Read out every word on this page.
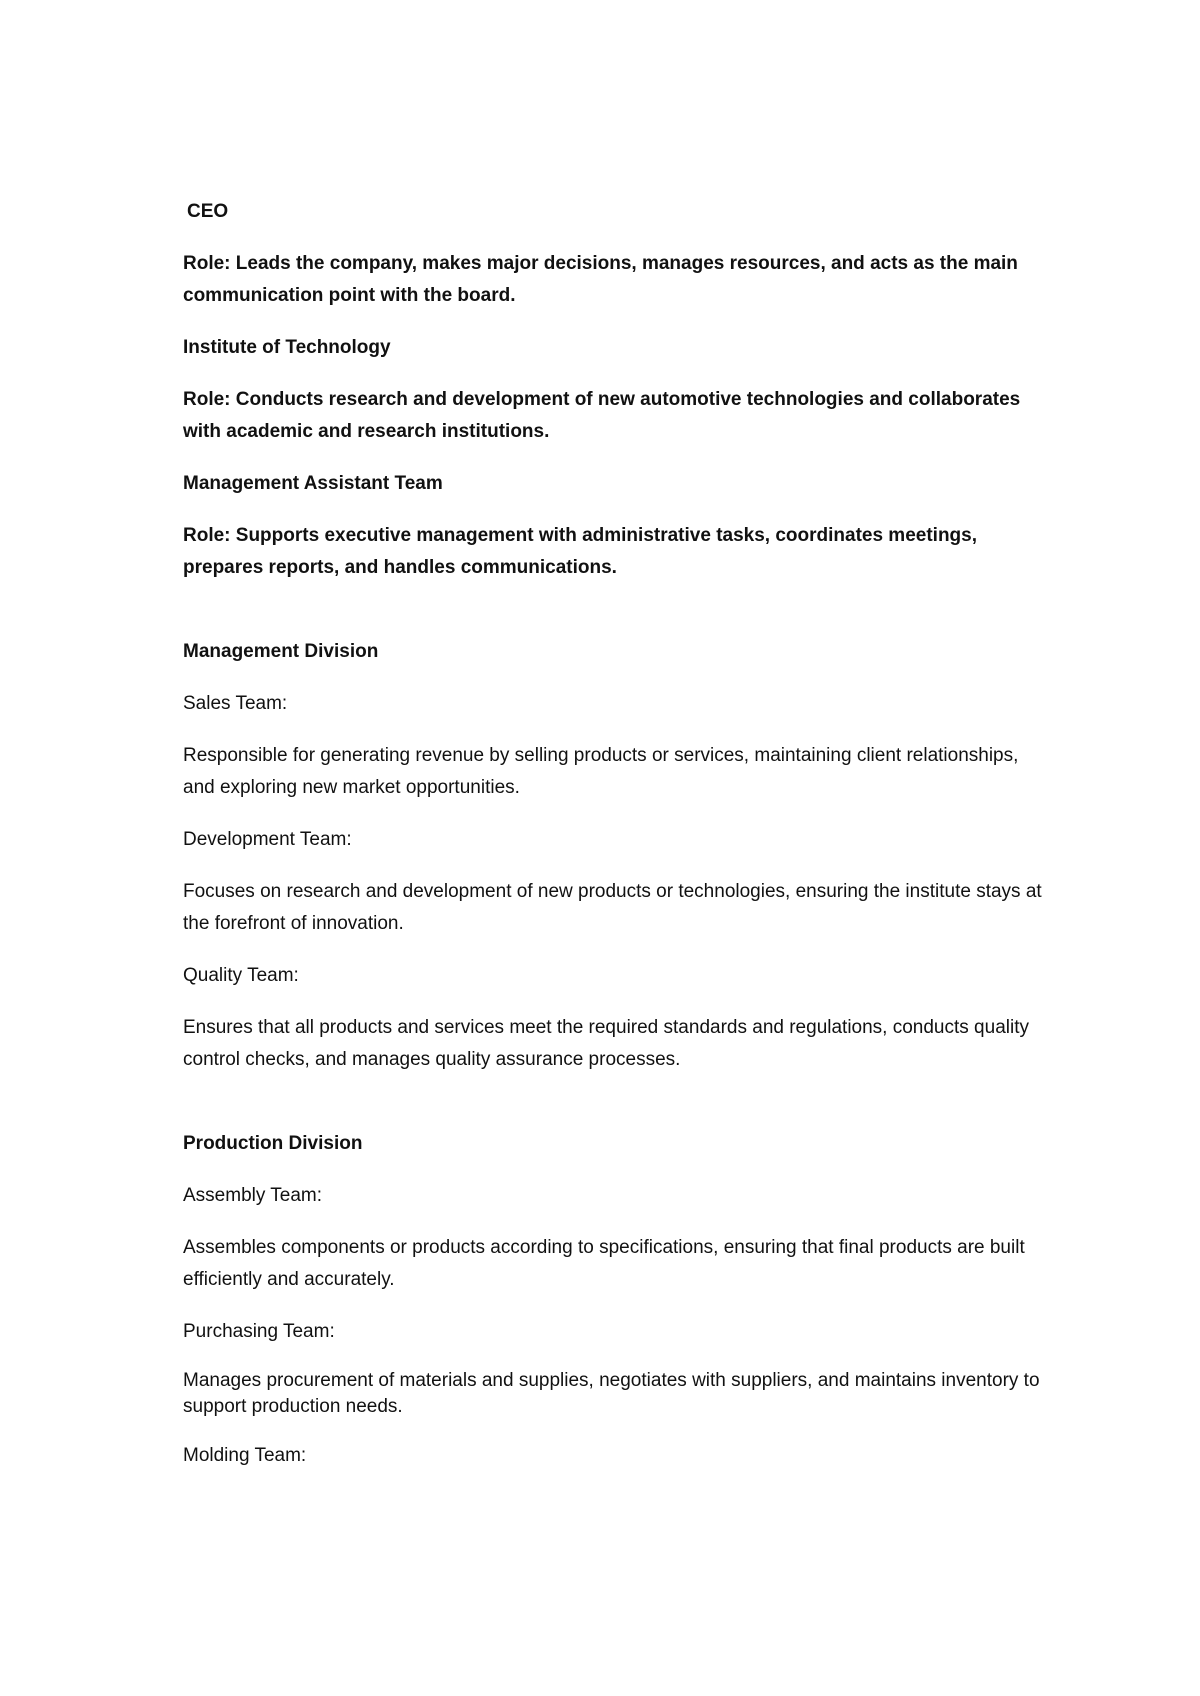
CEO

Role: Leads the company, makes major decisions, manages resources, and acts as the main communication point with the board.

Institute of Technology

Role: Conducts research and development of new automotive technologies and collaborates with academic and research institutions.

Management Assistant Team

Role: Supports executive management with administrative tasks, coordinates meetings, prepares reports, and handles communications.

Management Division

Sales Team:

Responsible for generating revenue by selling products or services, maintaining client relationships, and exploring new market opportunities.

Development Team:

Focuses on research and development of new products or technologies, ensuring the institute stays at the forefront of innovation.

Quality Team:

Ensures that all products and services meet the required standards and regulations, conducts quality control checks, and manages quality assurance processes.

Production Division

Assembly Team:

Assembles components or products according to specifications, ensuring that final products are built efficiently and accurately.

Purchasing Team:

Manages procurement of materials and supplies, negotiates with suppliers, and maintains inventory to support production needs.

Molding Team:
